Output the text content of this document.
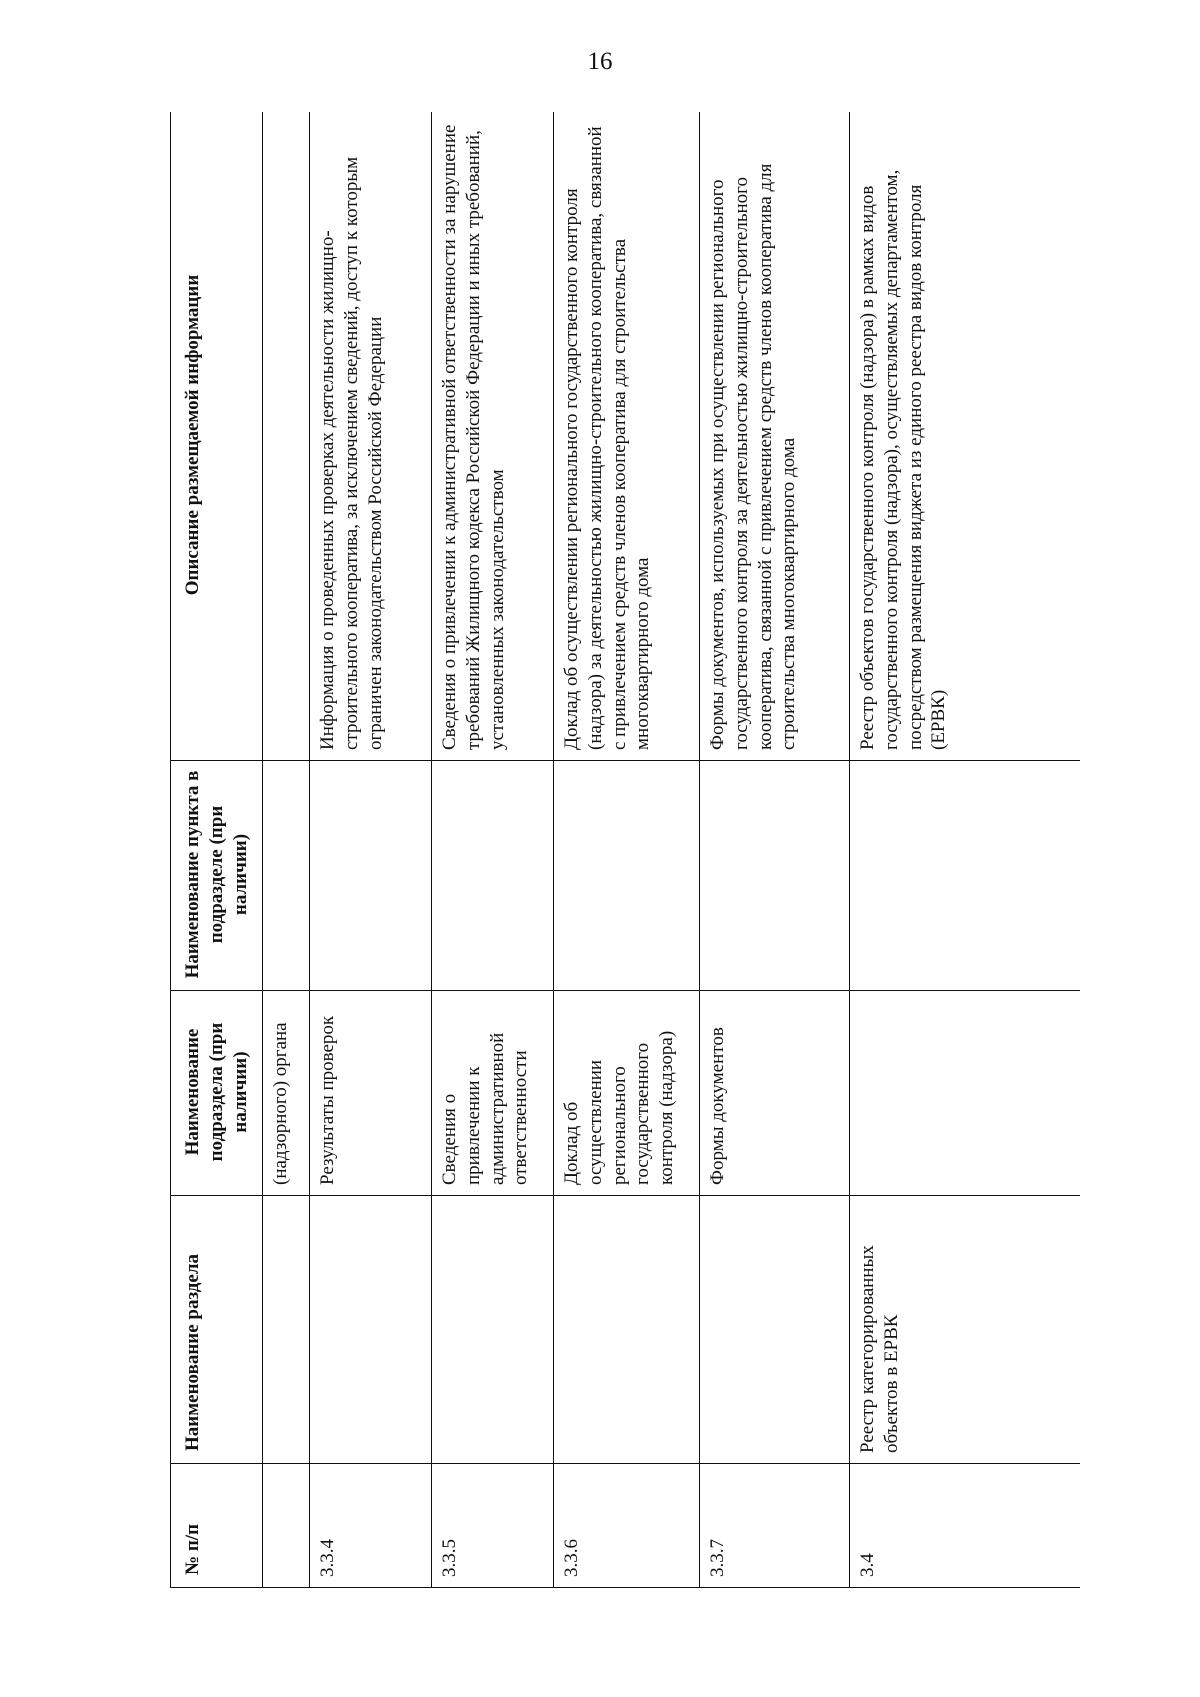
16
№ п/п	Наименование раздела	Наименование подраздела (при наличии)	Наименование пункта в подразделе (при наличии)	Описание размещаемой информации
		(надзорного) органа		
3.3.4		Результаты проверок		Информация о проведенных проверках деятельности жилищно-строительного кооператива, за исключением сведений, доступ к которым ограничен законодательством Российской Федерации
3.3.5		Сведения о привлечении к административной ответственности		Сведения о привлечении к административной ответственности за нарушение требований Жилищного кодекса Российской Федерации и иных требований, установленных законодательством
3.3.6		Доклад об осуществлении регионального государственного контроля (надзора)		Доклад об осуществлении регионального государственного контроля (надзора) за деятельностью жилищно-строительного кооператива, связанной с привлечением средств членов кооператива для строительства многоквартирного дома
3.3.7		Формы документов		Формы документов, используемых при осуществлении регионального государственного контроля за деятельностью жилищно-строительного кооператива, связанной с привлечением средств членов кооператива для строительства многоквартирного дома
3.4	Реестр категорированных объектов в ЕРВК			Реестр объектов государственного контроля (надзора) в рамках видов государственного контроля (надзора), осуществляемых департаментом, посредством размещения виджета из единого реестра видов контроля (ЕРВК)
